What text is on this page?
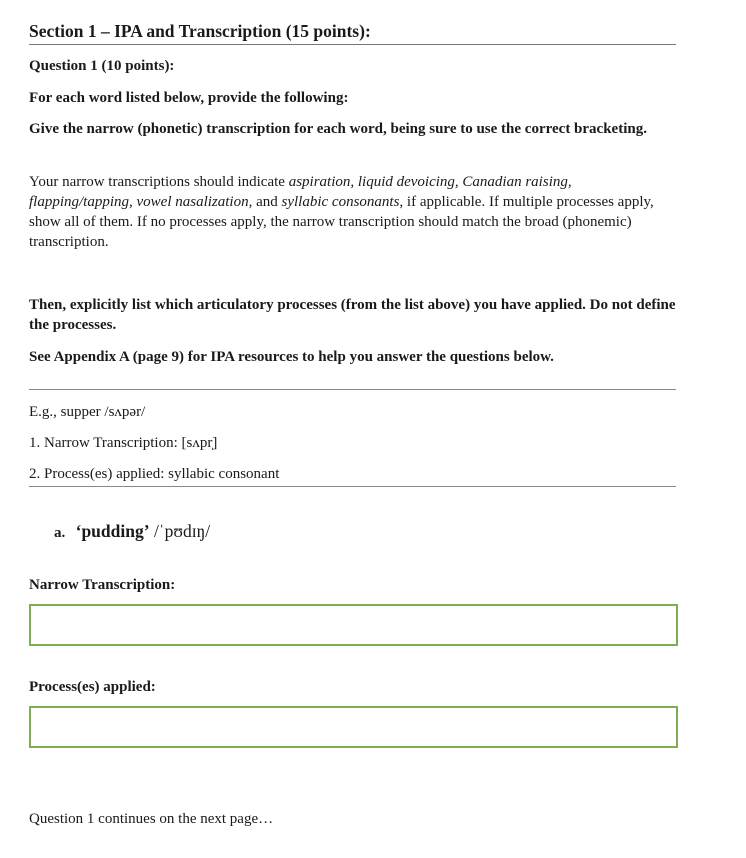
Section 1 – IPA and Transcription (15 points):
Question 1 (10 points):
For each word listed below, provide the following:
Give the narrow (phonetic) transcription for each word, being sure to use the correct bracketing.
Your narrow transcriptions should indicate aspiration, liquid devoicing, Canadian raising, flapping/tapping, vowel nasalization, and syllabic consonants, if applicable. If multiple processes apply, show all of them. If no processes apply, the narrow transcription should match the broad (phonemic) transcription.
Then, explicitly list which articulatory processes (from the list above) you have applied. Do not define the processes.
See Appendix A (page 9) for IPA resources to help you answer the questions below.
E.g., supper /sʌpər/
1. Narrow Transcription: [sʌpr̩]
2. Process(es) applied: syllabic consonant
a. ‘pudding’ /ˈpʊdɪŋ/
Narrow Transcription:
Process(es) applied:
Question 1 continues on the next page…
